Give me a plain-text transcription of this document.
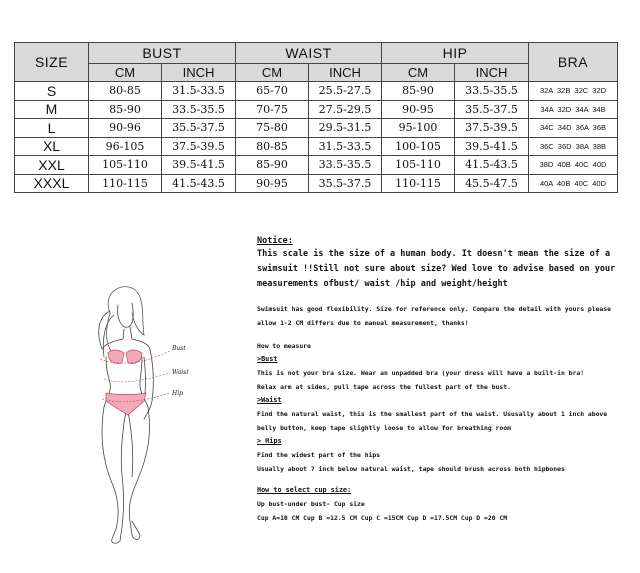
SIZE	BUST		WAIST		HIP		BRA
	CM	INCH	CM	INCH	CM	INCH	
S	80-85	31.5-33.5	65-70	25.5-27.5	85-90	33.5-35.5	32A 32B 32C 32D
M	85-90	33.5-35.5	70-75	27.5-29.5	90-95	35.5-37.5	34A 32D 34A 34B
L	90-96	35.5-37.5	75-80	29.5-31.5	95-100	37.5-39.5	34C 34D 36A 36B
XL	96-105	37.5-39.5	80-85	31.5-33.5	100-105	39.5-41.5	36C 36D 38A 38B
XXL	105-110	39.5-41.5	85-90	33.5-35.5	105-110	41.5-43.5	38D 40B 40C 40D
XXXL	110-115	41.5-43.5	90-95	35.5-37.5	110-115	45.5-47.5	40A 40B 40C 40D
Bust
Waist
Hip
Notice:
This scale is the size of a human body. It doesn't mean the size of a
swimsuit !!Still not sure about size? Wed love to advise based on your
measurements ofbust/ waist /hip and weight/height
Swimsuit has good flexibility. Size for reference only. Compare the detail with yours please
allow 1-2 CM differs due to manual measurement, thanks!
How to measure
>Bust
This is not your bra size. Wear an unpadded bra (your dress will have a built-in bra!
Relax arm at sides, pull tape across the fullest part of the bust.
>Waist
Find the natural waist, this is the smallest part of the waist. Ususally about 1 inch above
belly button, keep tape slightly loose to allow for breathing room
> Hips
Find the widest part of the hips
Usually about 7 inch below natural waist, tape should brush across both hipbones
How to select cup size:
Up bust-under bust- Cup size
Cup A=10 CM Cup B =12.5 CM Cup C =15CM Cup D =17.5CM Cup D =20 CM
